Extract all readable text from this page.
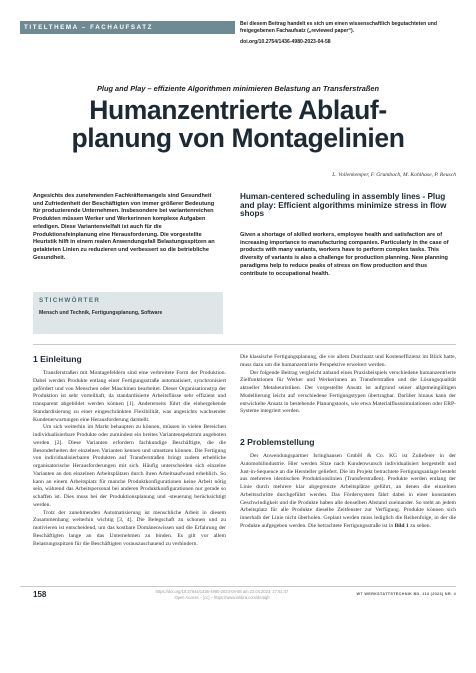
TITELTHEMA – FACHAUFSATZ	Bei diesem Beitrag handelt es sich um einen wissenschaftlich begutachteten und freigegebenen Fachaufsatz („reviewed paper“).
doi.org/10.2754/1436-4980-2023-04-58
Plug and Play – effiziente Algorithmen minimieren Belastung an Transferstraßen
Humanzentrierte Ablauf-
planung von Montagelinien
L. Vollenkemper, F. Grumbach, M. Kohlhase, P. Reusch
Angesichts des zunehmenden Fachkräftemangels sind Gesundheit und Zufriedenheit der Beschäftigten von immer größerer Bedeutung für produzierende Unternehmen. Insbesondere bei variantenreichen Produkten müssen Werker und Werkerinnen komplexe Aufgaben erledigen. Diese Variantenvielfalt ist auch für die Produktionsfeinplanung eine Herausforderung. Die vorgestellte Heuristik hilft in einem realen Anwendungsfall Belastungsspitzen an getakteten Linien zu reduzieren und verbessert so die betriebliche Gesundheit.
Human-centered scheduling in assembly lines - Plug and play: Efficient algorithms minimize stress in flow shops
Given a shortage of skilled workers, employee health and satisfaction are of increasing importance to manufacturing companies. Particularly in the case of products with many variants, workers have to perform complex tasks. This diversity of variants is also a challenge for production planning. New planning paradigms help to reduce peaks of stress on flow production and thus contribute to occupational health.
STICHWÖRTER
Mensch und Technik, Fertigungsplanung, Software
1 Einleitung

Transferstraßen mit Montagefeldern sind eine verbreitete Form der Produktion. Dabei werden Produkte entlang einer Fertigungsstraße automatisiert, synchronisiert gefördert und von Menschen oder Maschinen bearbeitet. Dieser Organisationstyp der Produktion ist sehr vorteilhaft, da standardisierte Arbeitsflüsse sehr effizient und transparent abgebildet werden können [1]. Andererseits führt die einhergehende Standardisierung zu einer eingeschränkten Flexibilität, was angesichts wachsender Kundenerwartungen eine Herausforderung darstellt.

Um sich weiterhin im Markt behaupten zu können, müssen in vielen Bereichen individualisierbare Produkte oder zumindest ein breites Variantenspektrum angeboten werden [2]. Diese Varianten erfordern fachkundige Beschäftigte, die die Besonderheiten der einzelnen Varianten kennen und umsetzen können. Die Fertigung von individualisierbaren Produkten auf Transferstraßen bringt zudem erhebliche organisatorische Herausforderungen mit sich. Häufig unterscheiden sich einzelne Varianten an den einzelnen Arbeitsplätzen durch ihren Arbeitsaufwand erheblich. So kann an einem Arbeitsplatz für manche Produktkonfigurationen keine Arbeit nötig sein, während das Arbeitspersonal bei anderen Produktkonfigurationen nur gerade so schaffen ist. Dies muss bei der Produktionsplanung und -steuerung berücksichtigt werden.

Trotz der zunehmenden Automatisierung ist menschliche Arbeit in diesem Zusammenhang weiterhin wichtig [3, 4]. Die Belegschaft zu schonen und zu motivieren ist entscheidend, um das kostbare Domänenwissen und die Erfahrung der Beschäftigten lange an das Unternehmen zu binden. Es gilt vor allem Belastungsspitzen für die Beschäftigten vorauszuschauend zu verhindern.

Die klassische Fertigungsplanung, die vor allem Durchsatz und Kosteneffizienz im Blick hatte, muss dazu um die humanzentrierte Perspektive erweitert werden.

Der folgende Beitrag vergleicht anhand eines Praxisbeispiels verschiedene humanzentrierte Zielfunktionen für Werker und Werkerinnen an Transferstraßen und die Lösungsqualität aktueller Metaheuristiken. Der vorgestellte Ansatz ist aufgrund seiner allgemeingültigen Modellierung leicht auf verschiedene Fertigungstypen übertragbar. Darüber hinaus kann der entwickelte Ansatz in bestehende Planungstools, wie etwa Materialflusssimulationen oder ERP-Systeme integriert werden.

2 Problemstellung

Der Anwendungspartner Isringhausen GmbH & Co. KG ist Zulieferer in der Automobilindustrie. Hier werden Sitze nach Kundenwunsch individualisiert hergestellt und Just-in-Sequence an die Hersteller geliefert. Die im Projekt betrachtete Fertigungsanlage besteht aus mehreren identischen Produktionslinien (Transferstraßen). Produkte werden entlang der Linie durch mehrere klar abgegrenzte Arbeitsplätze geführt, an denen die einzelnen Arbeitsschritte durchgeführt werden. Das Fördersystem fährt dabei in einer konstanten Geschwindigkeit und die Produkte haben alle denselben Abstand zueinander. So steht an jedem Arbeitsplatz für alle Produkte dieselbe Zeitfenster zur Verfügung. Produkte können sich innerhalb der Linie nicht überholen. Geplant werden muss lediglich die Reihenfolge, in der die Produkte aufgegeben werden. Die betrachtete Fertigungsstraße ist in Bild 1 zu sehen.

158	https://doi.org/10.37544/1436-4980-2023-04-58 am 23.04.2023, 17:51:47
Open Access – [cc] – https://www.inlibra.com/de/agb
WT WERKSTATTSTECHNIK BD. 113 (2023) NR. 4
